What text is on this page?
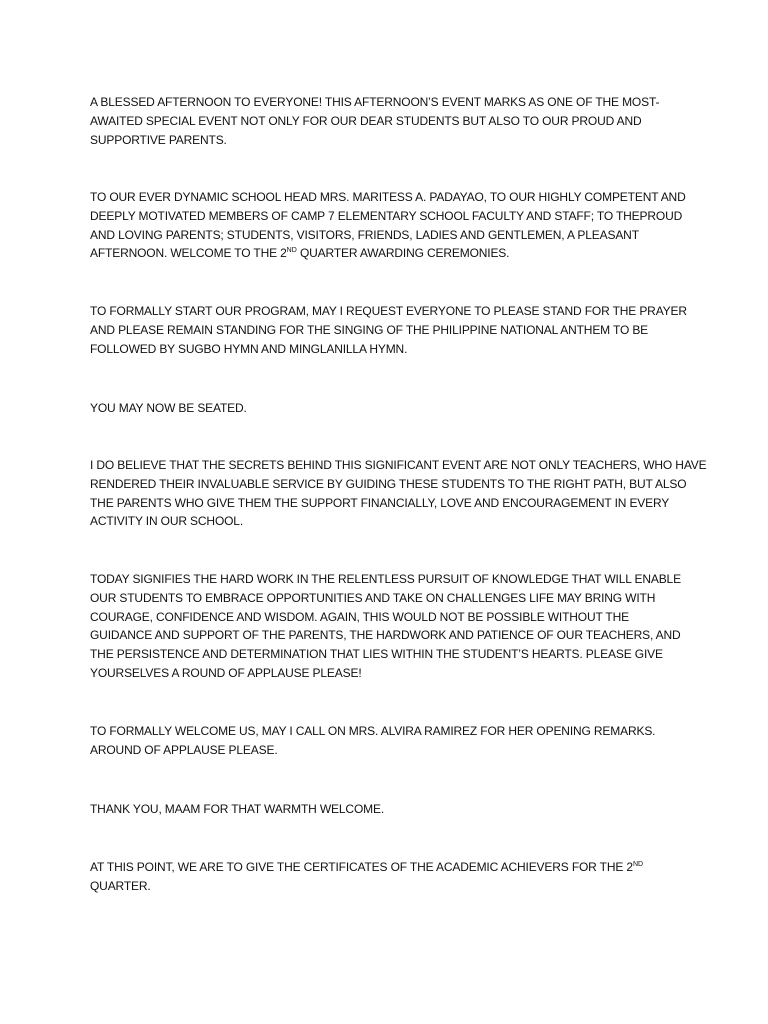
A BLESSED AFTERNOON TO EVERYONE! THIS AFTERNOON’S EVENT MARKS AS ONE OF THE MOST-
AWAITED SPECIAL EVENT NOT ONLY FOR OUR DEAR STUDENTS BUT ALSO TO OUR PROUD AND
SUPPORTIVE PARENTS.

TO OUR EVER DYNAMIC SCHOOL HEAD MRS. MARITESS A. PADAYAO, TO OUR HIGHLY COMPETENT AND
DEEPLY MOTIVATED MEMBERS OF CAMP 7 ELEMENTARY SCHOOL FACULTY AND STAFF; TO THEPROUD
AND LOVING PARENTS; STUDENTS, VISITORS, FRIENDS, LADIES AND GENTLEMEN, A PLEASANT
AFTERNOON. WELCOME TO THE 2ND QUARTER AWARDING CEREMONIES.

TO FORMALLY START OUR PROGRAM, MAY I REQUEST EVERYONE TO PLEASE STAND FOR THE PRAYER
AND PLEASE REMAIN STANDING FOR THE SINGING OF THE PHILIPPINE NATIONAL ANTHEM TO BE
FOLLOWED BY SUGBO HYMN AND MINGLANILLA HYMN.

YOU MAY NOW BE SEATED.

I DO BELIEVE THAT THE SECRETS BEHIND THIS SIGNIFICANT EVENT ARE NOT ONLY TEACHERS, WHO HAVE
RENDERED THEIR INVALUABLE SERVICE BY GUIDING THESE STUDENTS TO THE RIGHT PATH, BUT ALSO
THE PARENTS WHO GIVE THEM THE SUPPORT FINANCIALLY, LOVE AND ENCOURAGEMENT IN EVERY
ACTIVITY IN OUR SCHOOL.

TODAY SIGNIFIES THE HARD WORK IN THE RELENTLESS PURSUIT OF KNOWLEDGE THAT WILL ENABLE
OUR STUDENTS TO EMBRACE OPPORTUNITIES AND TAKE ON CHALLENGES LIFE MAY BRING WITH
COURAGE, CONFIDENCE AND WISDOM. AGAIN, THIS WOULD NOT BE POSSIBLE WITHOUT THE
GUIDANCE AND SUPPORT OF THE PARENTS, THE HARDWORK AND PATIENCE OF OUR TEACHERS, AND
THE PERSISTENCE AND DETERMINATION THAT LIES WITHIN THE STUDENT’S HEARTS. PLEASE GIVE
YOURSELVES A ROUND OF APPLAUSE PLEASE!

TO FORMALLY WELCOME US, MAY I CALL ON MRS. ALVIRA RAMIREZ FOR HER OPENING REMARKS.
AROUND OF APPLAUSE PLEASE.

THANK YOU, MAAM FOR THAT WARMTH WELCOME.

AT THIS POINT, WE ARE TO GIVE THE CERTIFICATES OF THE ACADEMIC ACHIEVERS FOR THE 2ND
QUARTER.
